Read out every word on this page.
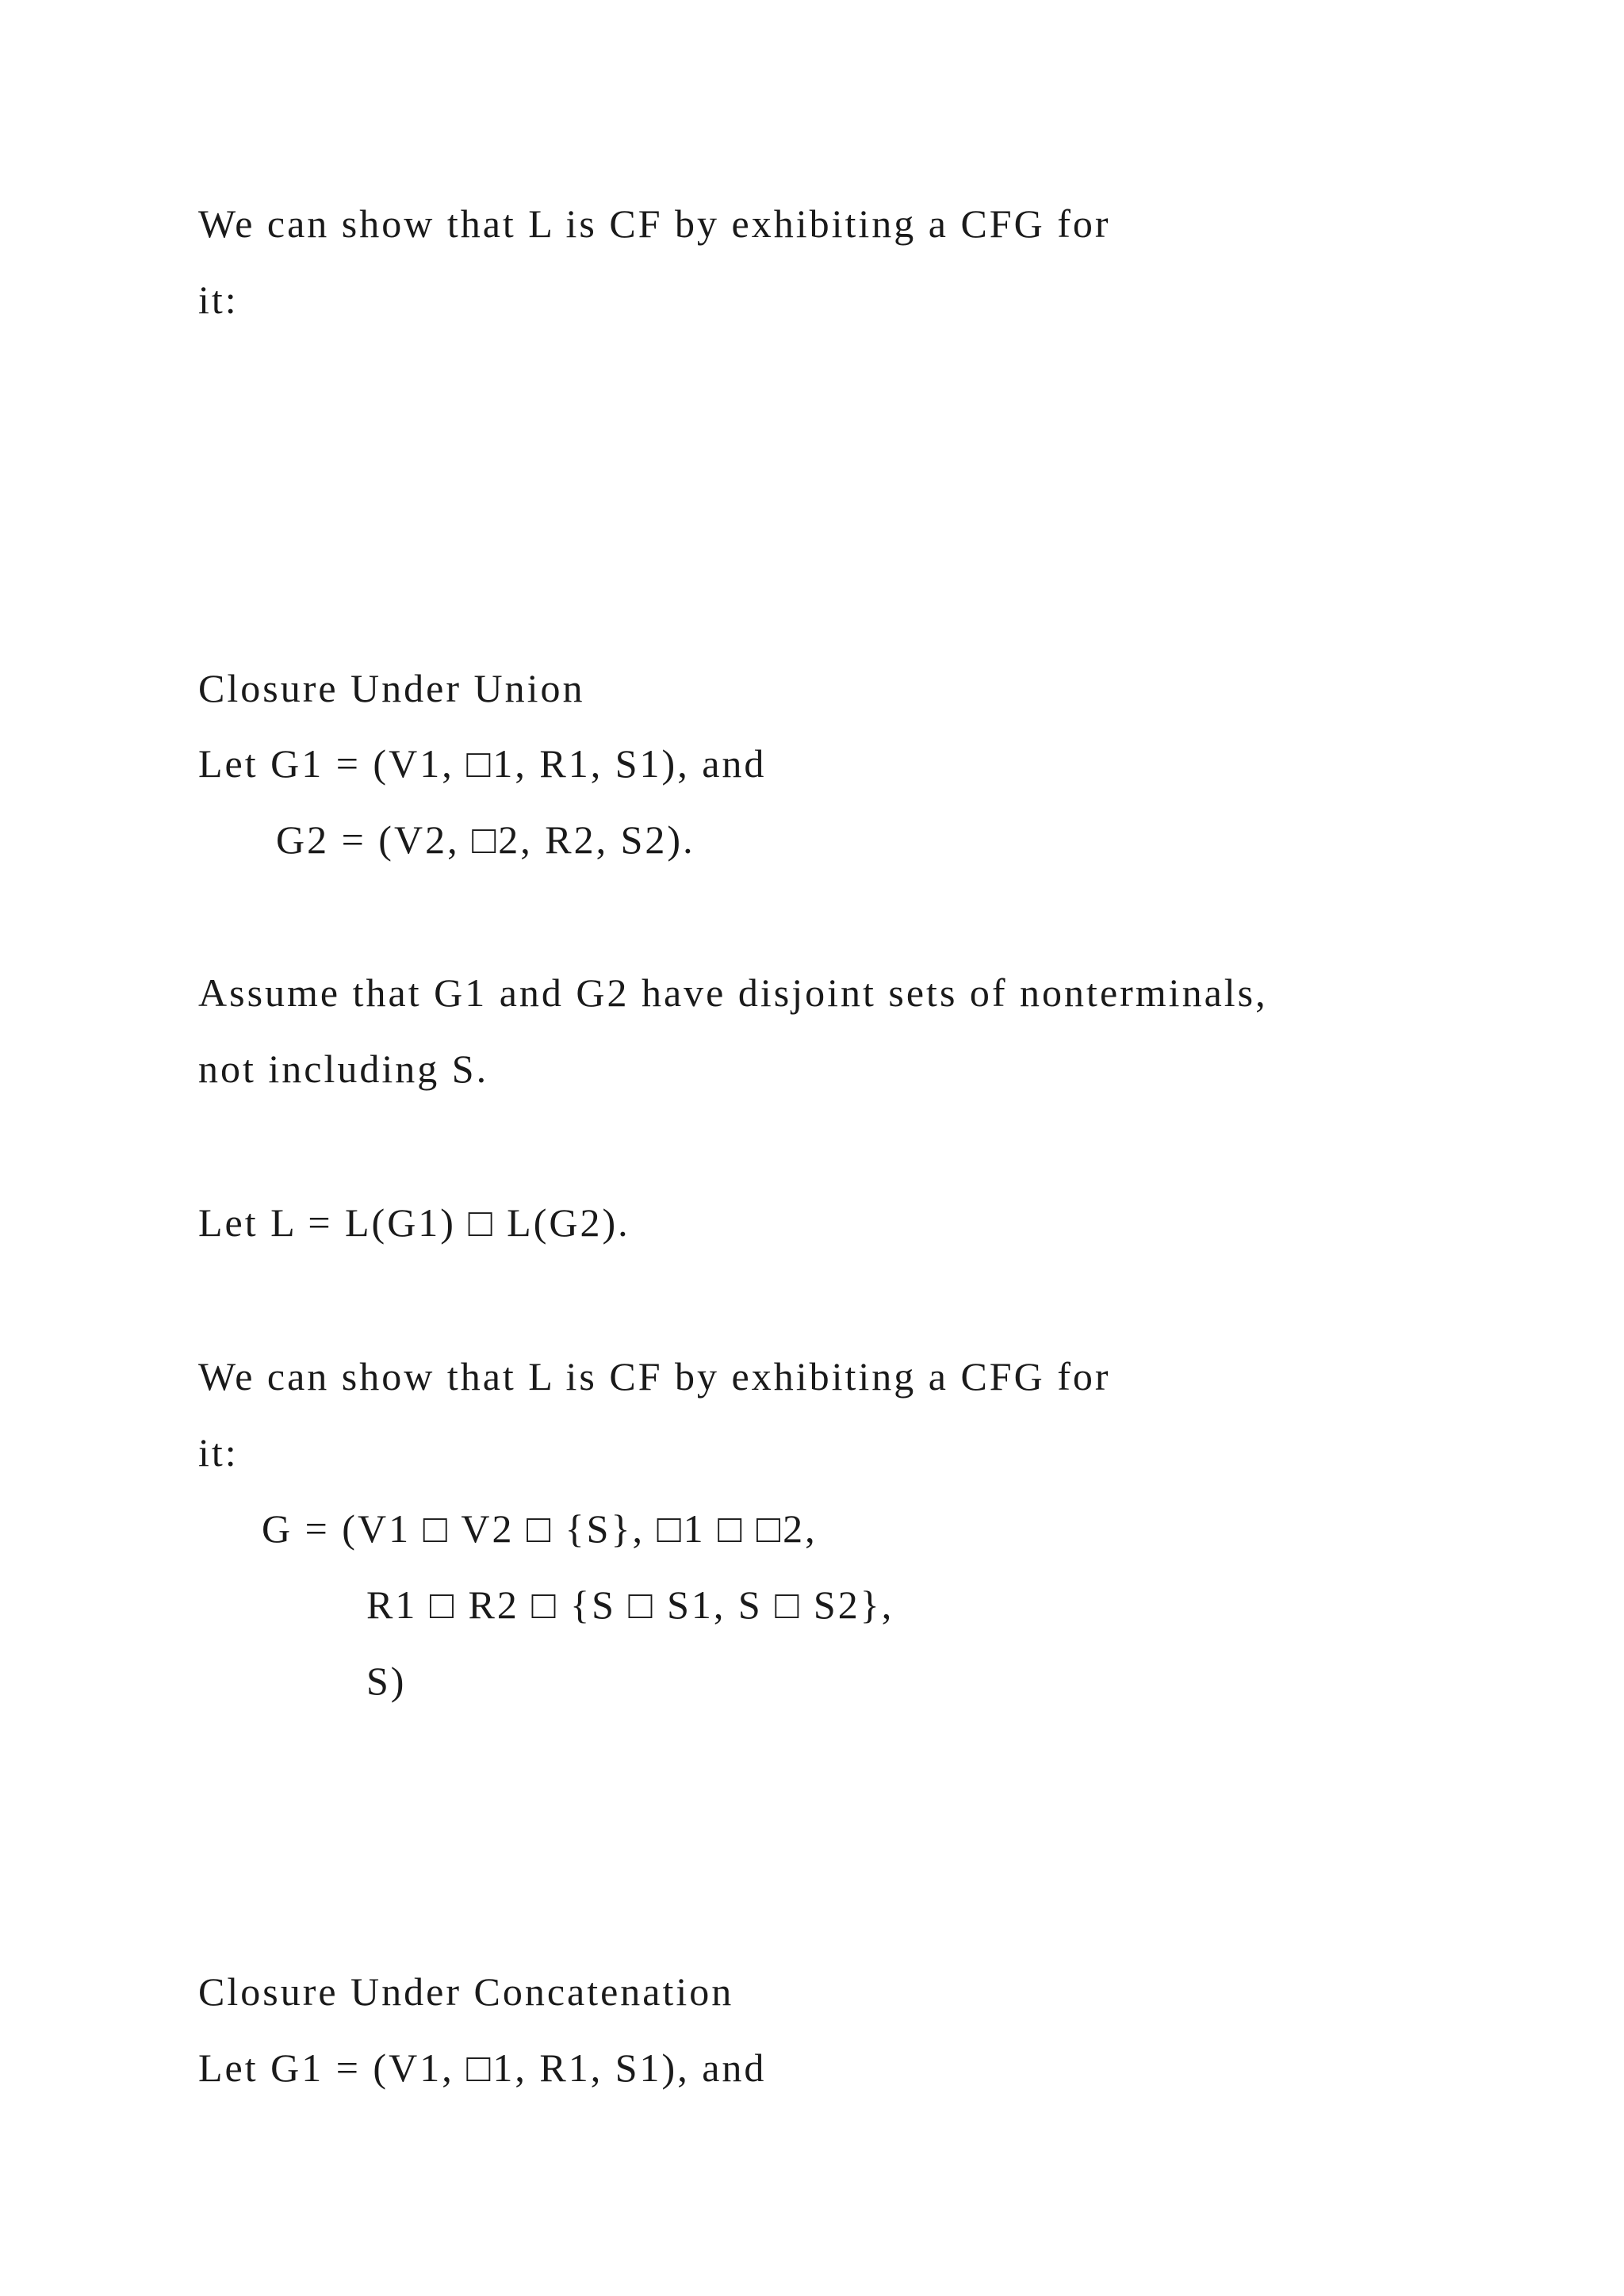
We can show that L is CF by exhibiting a CFG for
it:
Closure Under Union
Let G1 = (V1, □1, R1, S1), and
G2 = (V2, □2, R2, S2).
Assume that G1 and G2 have disjoint sets of nonterminals,
not including S.
Let L = L(G1) □ L(G2).
We can show that L is CF by exhibiting a CFG for
it:
G = (V1 □ V2 □ {S}, □1 □ □2,
R1 □ R2 □ {S □ S1, S □ S2},
S)
Closure Under Concatenation
Let G1 = (V1, □1, R1, S1), and
